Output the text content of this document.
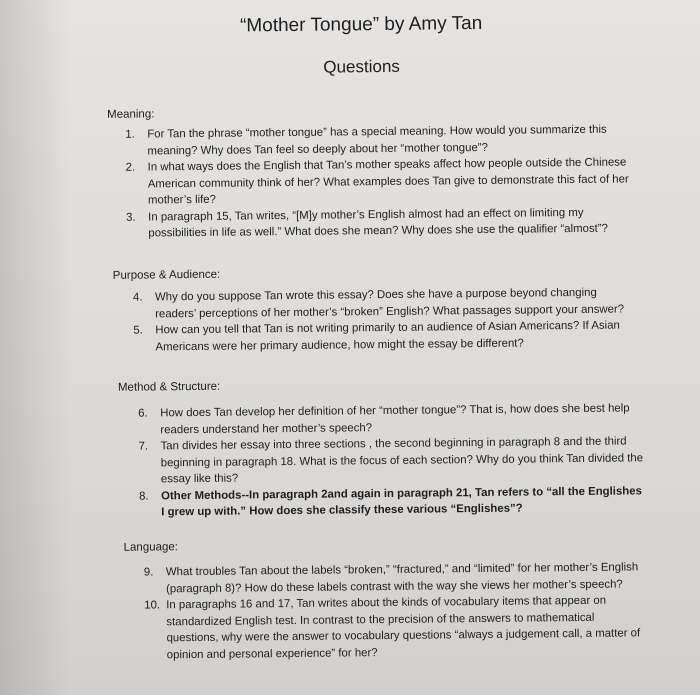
“Mother Tongue” by Amy Tan
Questions
Meaning:
1. For Tan the phrase “mother tongue” has a special meaning. How would you summarize this meaning? Why does Tan feel so deeply about her “mother tongue”?
2. In what ways does the English that Tan’s mother speaks affect how people outside the Chinese American community think of her? What examples does Tan give to demonstrate this fact of her mother’s life?
3. In paragraph 15, Tan writes, “[M]y mother’s English almost had an effect on limiting my possibilities in life as well.” What does she mean? Why does she use the qualifier “almost”?
Purpose & Audience:
4. Why do you suppose Tan wrote this essay? Does she have a purpose beyond changing readers’ perceptions of her mother’s “broken” English? What passages support your answer?
5. How can you tell that Tan is not writing primarily to an audience of Asian Americans? If Asian Americans were her primary audience, how might the essay be different?
Method & Structure:
6. How does Tan develop her definition of her “mother tongue”? That is, how does she best help readers understand her mother’s speech?
7. Tan divides her essay into three sections , the second beginning in paragraph 8 and the third beginning in paragraph 18. What is the focus of each section? Why do you think Tan divided the essay like this?
8. Other Methods--In paragraph 2and again in paragraph 21, Tan refers to “all the Englishes I grew up with.” How does she classify these various “Englishes”?
Language:
9. What troubles Tan about the labels “broken,” “fractured,” and “limited” for her mother’s English (paragraph 8)? How do these labels contrast with the way she views her mother’s speech?
10. In paragraphs 16 and 17, Tan writes about the kinds of vocabulary items that appear on standardized English test. In contrast to the precision of the answers to mathematical questions, why were the answer to vocabulary questions “always a judgement call, a matter of opinion and personal experience” for her?
